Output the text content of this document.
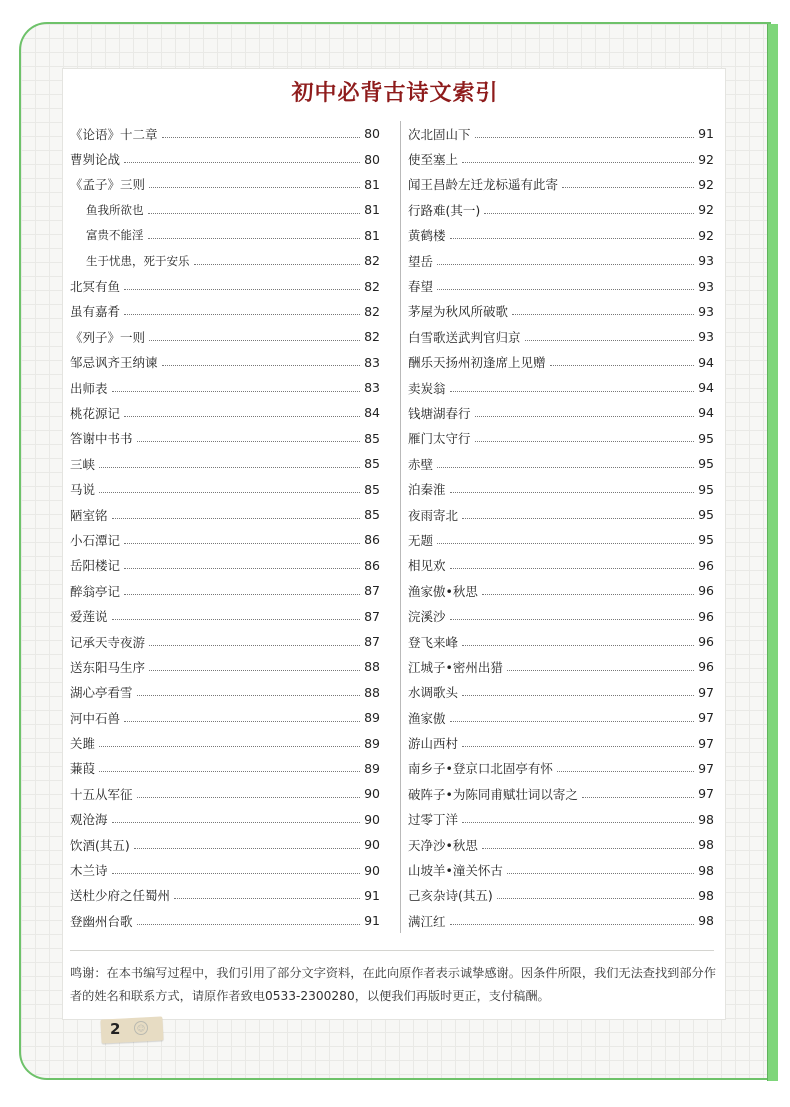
初中必背古诗文索引
《论语》十二章	80
曹刿论战	80
《孟子》三则	81
鱼我所欲也	81
富贵不能淫	81
生于忧患，死于安乐	82
北冥有鱼	82
虽有嘉肴	82
《列子》一则	82
邹忌讽齐王纳谏	83
出师表	83
桃花源记	84
答谢中书书	85
三峡	85
马说	85
陋室铭	85
小石潭记	86
岳阳楼记	86
醉翁亭记	87
爱莲说	87
记承天寺夜游	87
送东阳马生序	88
湖心亭看雪	88
河中石兽	89
关雎	89
蒹葭	89
十五从军征	90
观沧海	90
饮酒(其五)	90
木兰诗	90
送杜少府之任蜀州	91
登幽州台歌	91
次北固山下	91
使至塞上	92
闻王昌龄左迁龙标遥有此寄	92
行路难(其一)	92
黄鹤楼	92
望岳	93
春望	93
茅屋为秋风所破歌	93
白雪歌送武判官归京	93
酬乐天扬州初逢席上见赠	94
卖炭翁	94
钱塘湖春行	94
雁门太守行	95
赤壁	95
泊秦淮	95
夜雨寄北	95
无题	95
相见欢	96
渔家傲•秋思	96
浣溪沙	96
登飞来峰	96
江城子•密州出猎	96
水调歌头	97
渔家傲	97
游山西村	97
南乡子•登京口北固亭有怀	97
破阵子•为陈同甫赋壮词以寄之	97
过零丁洋	98
天净沙•秋思	98
山坡羊•潼关怀古	98
己亥杂诗(其五)	98
满江红	98
鸣谢：在本书编写过程中，我们引用了部分文字资料，在此向原作者表示诚挚感谢。因条件所限，我们无法查找到部分作者的姓名和联系方式，请原作者致电0533-2300280，以便我们再版时更正，支付稿酬。
2	☺
